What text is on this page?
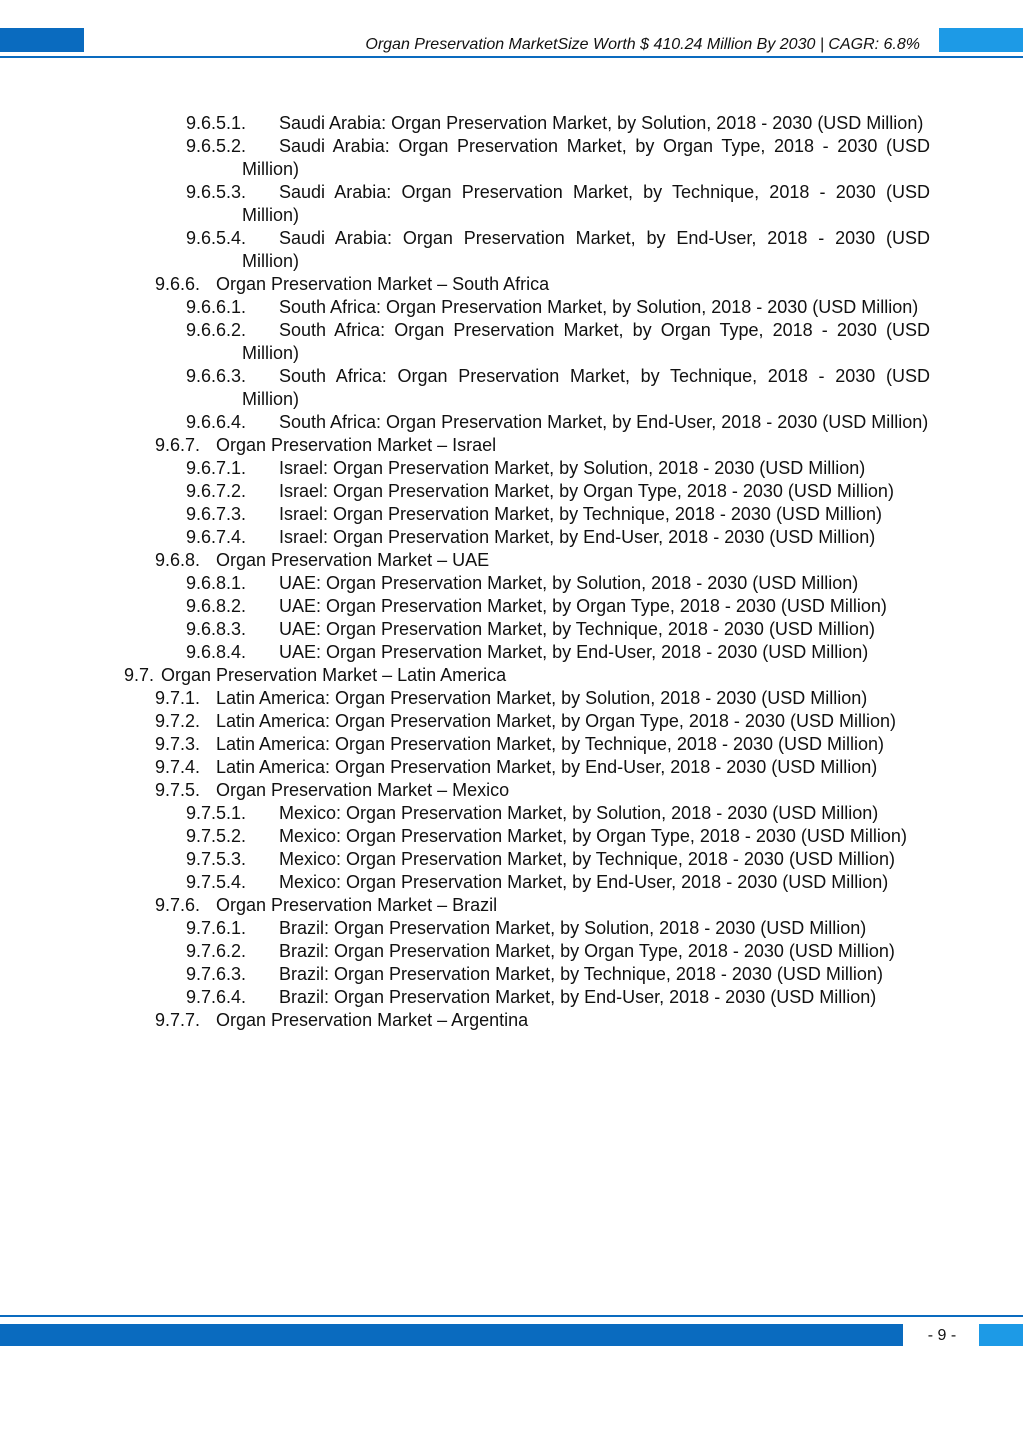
Organ Preservation MarketSize Worth $ 410.24 Million By 2030 | CAGR: 6.8%
9.6.5.1.	Saudi Arabia: Organ Preservation Market, by Solution, 2018 - 2030 (USD Million)
9.6.5.2.	Saudi Arabia: Organ Preservation Market, by Organ Type, 2018 - 2030 (USD Million)
9.6.5.3.	Saudi Arabia: Organ Preservation Market, by Technique, 2018 - 2030 (USD Million)
9.6.5.4.	Saudi Arabia: Organ Preservation Market, by End-User, 2018 - 2030 (USD Million)
9.6.6. Organ Preservation Market – South Africa
9.6.6.1.	South Africa: Organ Preservation Market, by Solution, 2018 - 2030 (USD Million)
9.6.6.2.	South Africa: Organ Preservation Market, by Organ Type, 2018 - 2030 (USD Million)
9.6.6.3.	South Africa: Organ Preservation Market, by Technique, 2018 - 2030 (USD Million)
9.6.6.4.	South Africa: Organ Preservation Market, by End-User, 2018 - 2030 (USD Million)
9.6.7. Organ Preservation Market – Israel
9.6.7.1.	Israel: Organ Preservation Market, by Solution, 2018 - 2030 (USD Million)
9.6.7.2.	Israel: Organ Preservation Market, by Organ Type, 2018 - 2030 (USD Million)
9.6.7.3.	Israel: Organ Preservation Market, by Technique, 2018 - 2030 (USD Million)
9.6.7.4.	Israel: Organ Preservation Market, by End-User, 2018 - 2030 (USD Million)
9.6.8. Organ Preservation Market – UAE
9.6.8.1.	UAE: Organ Preservation Market, by Solution, 2018 - 2030 (USD Million)
9.6.8.2.	UAE: Organ Preservation Market, by Organ Type, 2018 - 2030 (USD Million)
9.6.8.3.	UAE: Organ Preservation Market, by Technique, 2018 - 2030 (USD Million)
9.6.8.4.	UAE: Organ Preservation Market, by End-User, 2018 - 2030 (USD Million)
9.7. Organ Preservation Market – Latin America
9.7.1. Latin America: Organ Preservation Market, by Solution, 2018 - 2030 (USD Million)
9.7.2. Latin America: Organ Preservation Market, by Organ Type, 2018 - 2030 (USD Million)
9.7.3. Latin America: Organ Preservation Market, by Technique, 2018 - 2030 (USD Million)
9.7.4. Latin America: Organ Preservation Market, by End-User, 2018 - 2030 (USD Million)
9.7.5. Organ Preservation Market – Mexico
9.7.5.1.	Mexico: Organ Preservation Market, by Solution, 2018 - 2030 (USD Million)
9.7.5.2.	Mexico: Organ Preservation Market, by Organ Type, 2018 - 2030 (USD Million)
9.7.5.3.	Mexico: Organ Preservation Market, by Technique, 2018 - 2030 (USD Million)
9.7.5.4.	Mexico: Organ Preservation Market, by End-User, 2018 - 2030 (USD Million)
9.7.6. Organ Preservation Market – Brazil
9.7.6.1.	Brazil: Organ Preservation Market, by Solution, 2018 - 2030 (USD Million)
9.7.6.2.	Brazil: Organ Preservation Market, by Organ Type, 2018 - 2030 (USD Million)
9.7.6.3.	Brazil: Organ Preservation Market, by Technique, 2018 - 2030 (USD Million)
9.7.6.4.	Brazil: Organ Preservation Market, by End-User, 2018 - 2030 (USD Million)
9.7.7. Organ Preservation Market – Argentina
- 9 -
